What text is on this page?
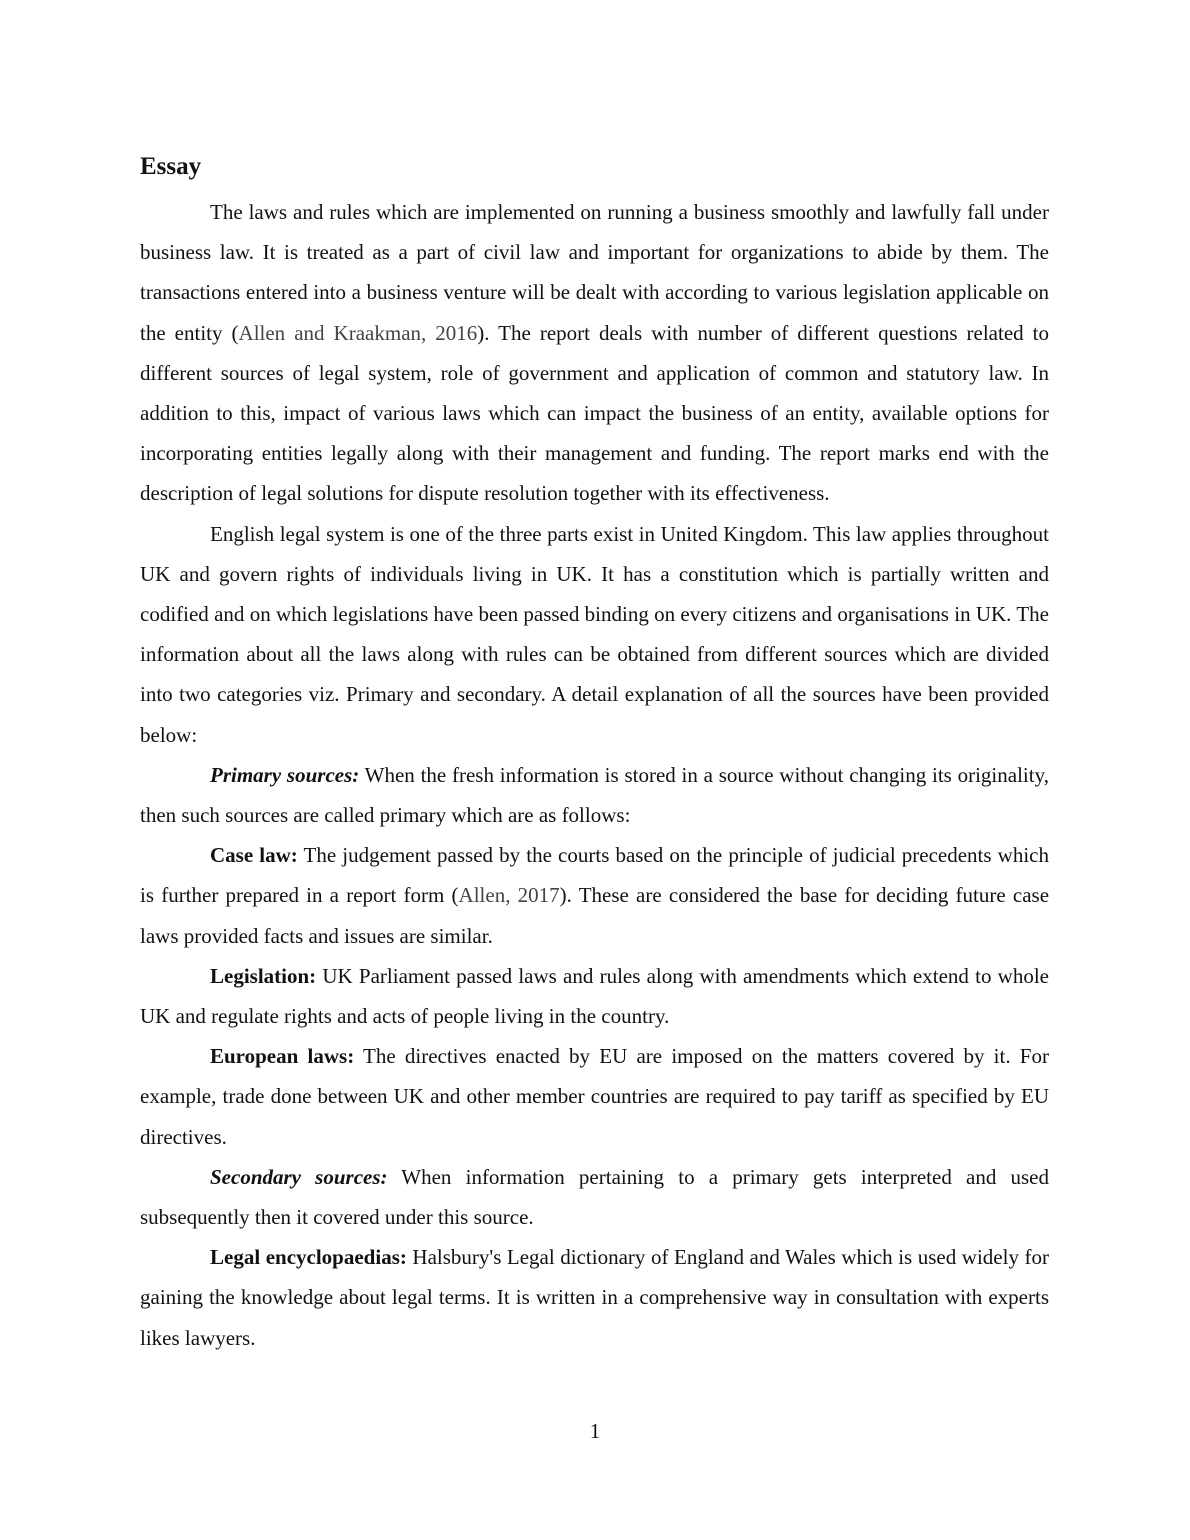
Essay

The laws and rules which are implemented on running a business smoothly and lawfully fall under business law. It is treated as a part of civil law and important for organizations to abide by them. The transactions entered into a business venture will be dealt with according to various legislation applicable on the entity (Allen and Kraakman, 2016). The report deals with number of different questions related to different sources of legal system, role of government and application of common and statutory law. In addition to this, impact of various laws which can impact the business of an entity, available options for incorporating entities legally along with their management and funding. The report marks end with the description of legal solutions for dispute resolution together with its effectiveness.

English legal system is one of the three parts exist in United Kingdom. This law applies throughout UK and govern rights of individuals living in UK. It has a constitution which is partially written and codified and on which legislations have been passed binding on every citizens and organisations in UK. The information about all the laws along with rules can be obtained from different sources which are divided into two categories viz. Primary and secondary. A detail explanation of all the sources have been provided below:

Primary sources: When the fresh information is stored in a source without changing its originality, then such sources are called primary which are as follows:

Case law: The judgement passed by the courts based on the principle of judicial precedents which is further prepared in a report form (Allen, 2017). These are considered the base for deciding future case laws provided facts and issues are similar.

Legislation: UK Parliament passed laws and rules along with amendments which extend to whole UK and regulate rights and acts of people living in the country.

European laws: The directives enacted by EU are imposed on the matters covered by it. For example, trade done between UK and other member countries are required to pay tariff as specified by EU directives.

Secondary sources: When information pertaining to a primary gets interpreted and used subsequently then it covered under this source.

Legal encyclopaedias: Halsbury's Legal dictionary of England and Wales which is used widely for gaining the knowledge about legal terms. It is written in a comprehensive way in consultation with experts likes lawyers.

1
